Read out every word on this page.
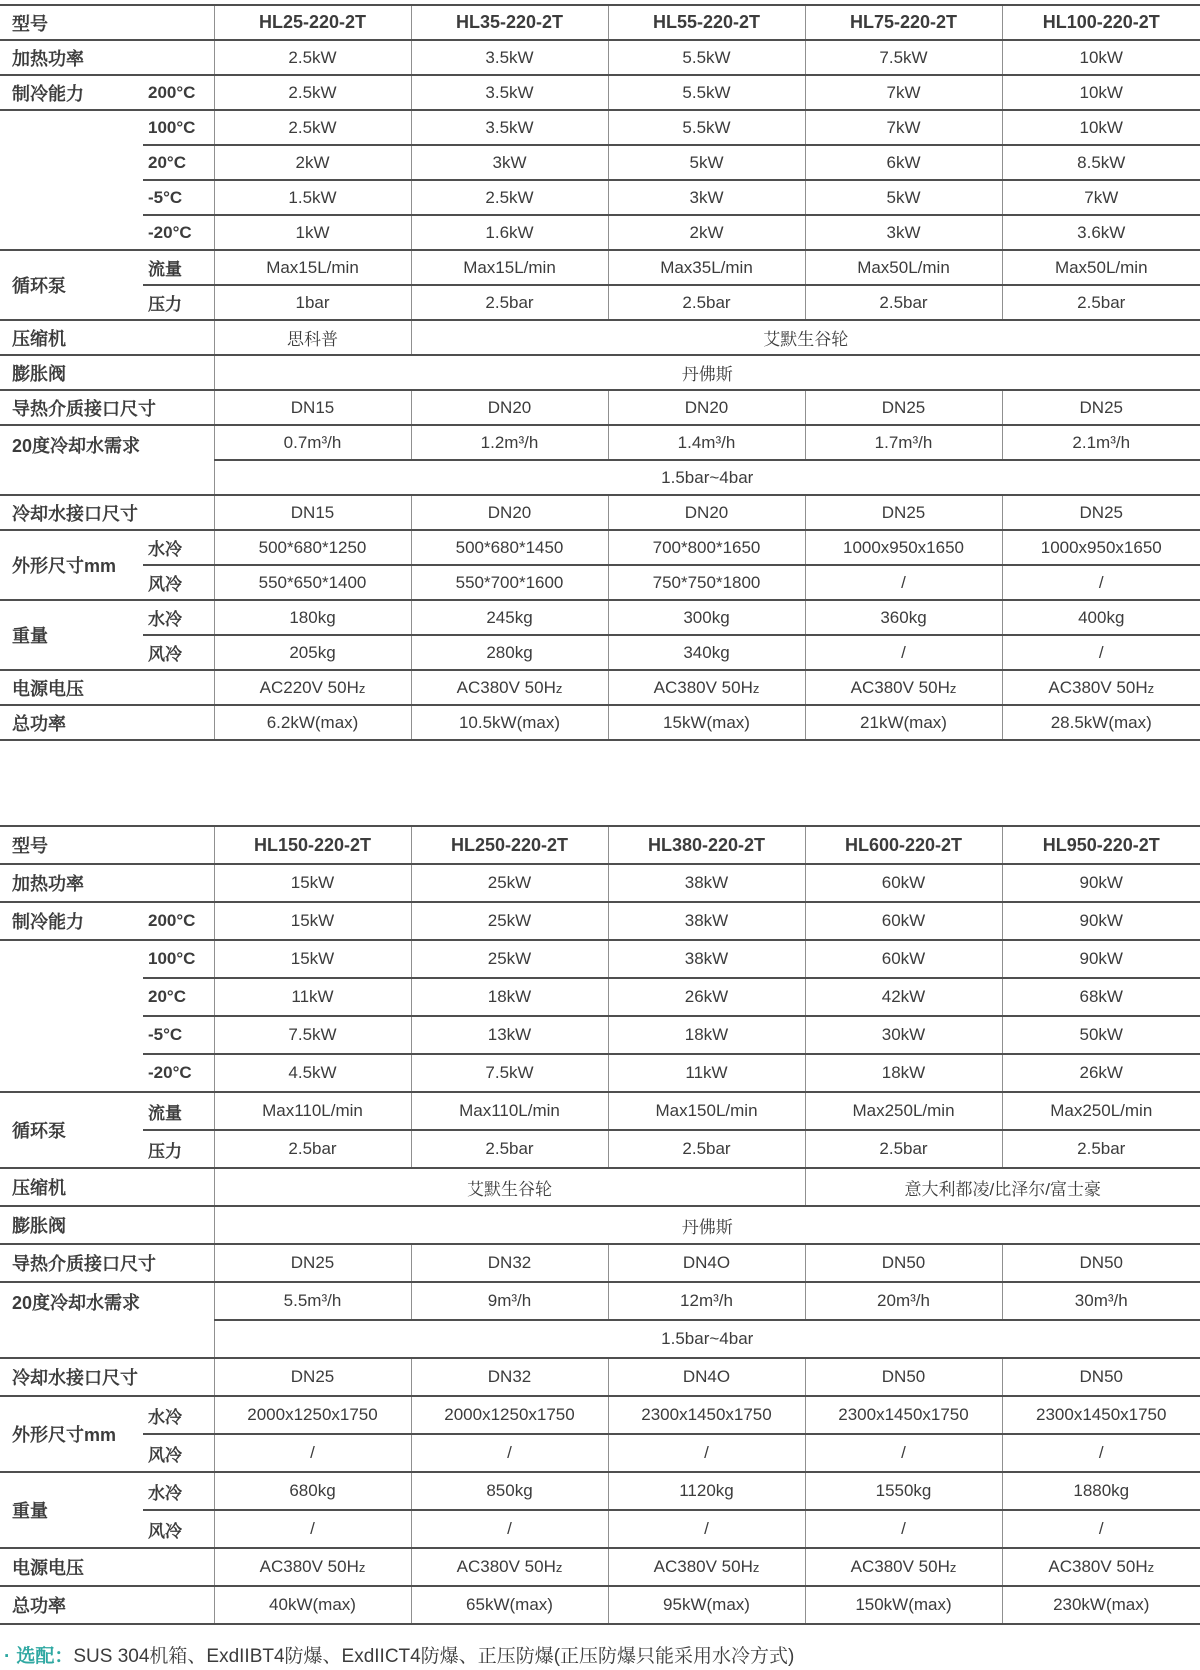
型号		HL25-220-2T	HL35-220-2T	HL55-220-2T	HL75-220-2T	HL100-220-2T
加热功率		2.5kW	3.5kW	5.5kW	7.5kW	10kW
制冷能力	200°C	2.5kW	3.5kW	5.5kW	7kW	10kW
	100°C	2.5kW	3.5kW	5.5kW	7kW	10kW
	20°C	2kW	3kW	5kW	6kW	8.5kW
	-5°C	1.5kW	2.5kW	3kW	5kW	7kW
	-20°C	1kW	1.6kW	2kW	3kW	3.6kW
循环泵	流量	Max15L/min	Max15L/min	Max35L/min	Max50L/min	Max50L/min
	压力	1bar	2.5bar	2.5bar	2.5bar	2.5bar
压缩机		思科普	艾默生谷轮			
膨胀阀		丹佛斯				
导热介质接口尺寸		DN15	DN20	DN20	DN25	DN25
20度冷却水需求		0.7m³/h	1.2m³/h	1.4m³/h	1.7m³/h	2.1m³/h
		1.5bar~4bar				
冷却水接口尺寸		DN15	DN20	DN20	DN25	DN25
外形尺寸mm	水冷	500*680*1250	500*680*1450	700*800*1650	1000x950x1650	1000x950x1650
	风冷	550*650*1400	550*700*1600	750*750*1800	/	/
重量	水冷	180kg	245kg	300kg	360kg	400kg
	风冷	205kg	280kg	340kg	/	/
电源电压		AC220V 50Hz	AC380V 50Hz	AC380V 50Hz	AC380V 50Hz	AC380V 50Hz
总功率		6.2kW(max)	10.5kW(max)	15kW(max)	21kW(max)	28.5kW(max)
型号		HL150-220-2T	HL250-220-2T	HL380-220-2T	HL600-220-2T	HL950-220-2T
加热功率		15kW	25kW	38kW	60kW	90kW
制冷能力	200°C	15kW	25kW	38kW	60kW	90kW
	100°C	15kW	25kW	38kW	60kW	90kW
	20°C	11kW	18kW	26kW	42kW	68kW
	-5°C	7.5kW	13kW	18kW	30kW	50kW
	-20°C	4.5kW	7.5kW	11kW	18kW	26kW
循环泵	流量	Max110L/min	Max110L/min	Max150L/min	Max250L/min	Max250L/min
	压力	2.5bar	2.5bar	2.5bar	2.5bar	2.5bar
压缩机		艾默生谷轮			意大利都凌/比泽尔/富士豪	
膨胀阀		丹佛斯				
导热介质接口尺寸		DN25	DN32	DN4O	DN50	DN50
20度冷却水需求		5.5m³/h	9m³/h	12m³/h	20m³/h	30m³/h
		1.5bar~4bar				
冷却水接口尺寸		DN25	DN32	DN4O	DN50	DN50
外形尺寸mm	水冷	2000x1250x1750	2000x1250x1750	2300x1450x1750	2300x1450x1750	2300x1450x1750
	风冷	/	/	/	/	/
重量	水冷	680kg	850kg	1120kg	1550kg	1880kg
	风冷	/	/	/	/	/
电源电压		AC380V 50Hz	AC380V 50Hz	AC380V 50Hz	AC380V 50Hz	AC380V 50Hz
总功率		40kW(max)	65kW(max)	95kW(max)	150kW(max)	230kW(max)
· 选配：SUS 304机箱、ExdIIBT4防爆、ExdIICT4防爆、正压防爆(正压防爆只能采用水冷方式)
